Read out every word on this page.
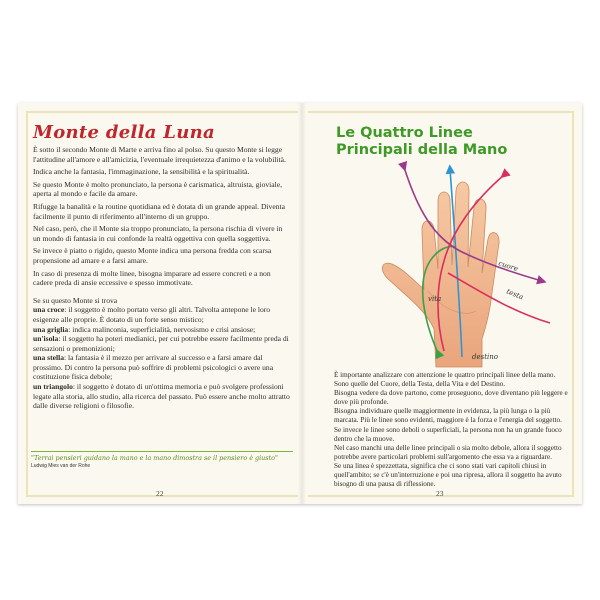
Monte della Luna

È sotto il secondo Monte di Marte e arriva fino al polso. Su questo Monte si legge l'attitudine all'amore e all'amicizia, l'eventuale irrequietezza d'animo e la volubilità.

Indica anche la fantasia, l'immaginazione, la sensibilità e la spiritualità.

Se questo Monte è molto pronunciato, la persona è carismatica, altruista, gioviale, aperta al mondo e facile da amare.

Rifugge la banalità e la routine quotidiana ed è dotata di un grande appeal. Diventa facilmente il punto di riferimento all'interno di un gruppo.

Nel caso, però, che il Monte sia troppo pronunciato, la persona rischia di vivere in un mondo di fantasia in cui confonde la realtà oggettiva con quella soggettiva.

Se invece è piatto o rigido, questo Monte indica una persona fredda con scarsa propensione ad amare e a farsi amare.

In caso di presenza di molte linee, bisogna imparare ad essere concreti e a non cadere preda di ansie eccessive e spesso immotivate.

Se su questo Monte si trova

una croce: il soggetto è molto portato verso gli altri. Talvolta antepone le loro esigenze alle proprie. È dotato di un forte senso mistico;

una griglia: indica malinconia, superficialità, nervosismo e crisi ansiose;

un'isola: il soggetto ha poteri medianici, per cui potrebbe essere facilmente preda di sensazioni o premonizioni;

una stella: la fantasia è il mezzo per arrivare al successo e a farsi amare dal prossimo. Di contro la persona può soffrire di problemi psicologici o avere una costituzione fisica debole;

un triangolo: il soggetto è dotato di un'ottima memoria e può svolgere professioni legate alla storia, allo studio, alla ricerca del passato. Può essere anche molto attratto dalle diverse religioni o filosofie.

"Terrai pensieri guidano la mano e la mano dimostra se il pensiero è giusto"

Ludwig Mies van der Rohe

22
Le Quattro Linee
Principali della Mano
cuore
testa
vita
destino

È importante analizzare con attenzione le quattro principali linee della mano. Sono quelle del Cuore, della Testa, della Vita e del Destino.

Bisogna vedere da dove partono, come proseguono, dove diventano più leggere e dove più profonde.

Bisogna individuare quelle maggiormente in evidenza, la più lunga o la più marcata. Più le linee sono evidenti, maggiore è la forza e l'energia del soggetto.

Se invece le linee sono deboli o superficiali, la persona non ha un grande fuoco dentro che la muove.

Nel caso manchi una delle linee principali o sia molto debole, allora il soggetto potrebbe avere particolari problemi sull'argomento che essa va a riguardare.

Se una linea è spezzettata, significa che ci sono stati vari capitoli chiusi in quell'ambito; se c'è un'interruzione e poi una ripresa, allora il soggetto ha avuto bisogno di una pausa di riflessione.

23
